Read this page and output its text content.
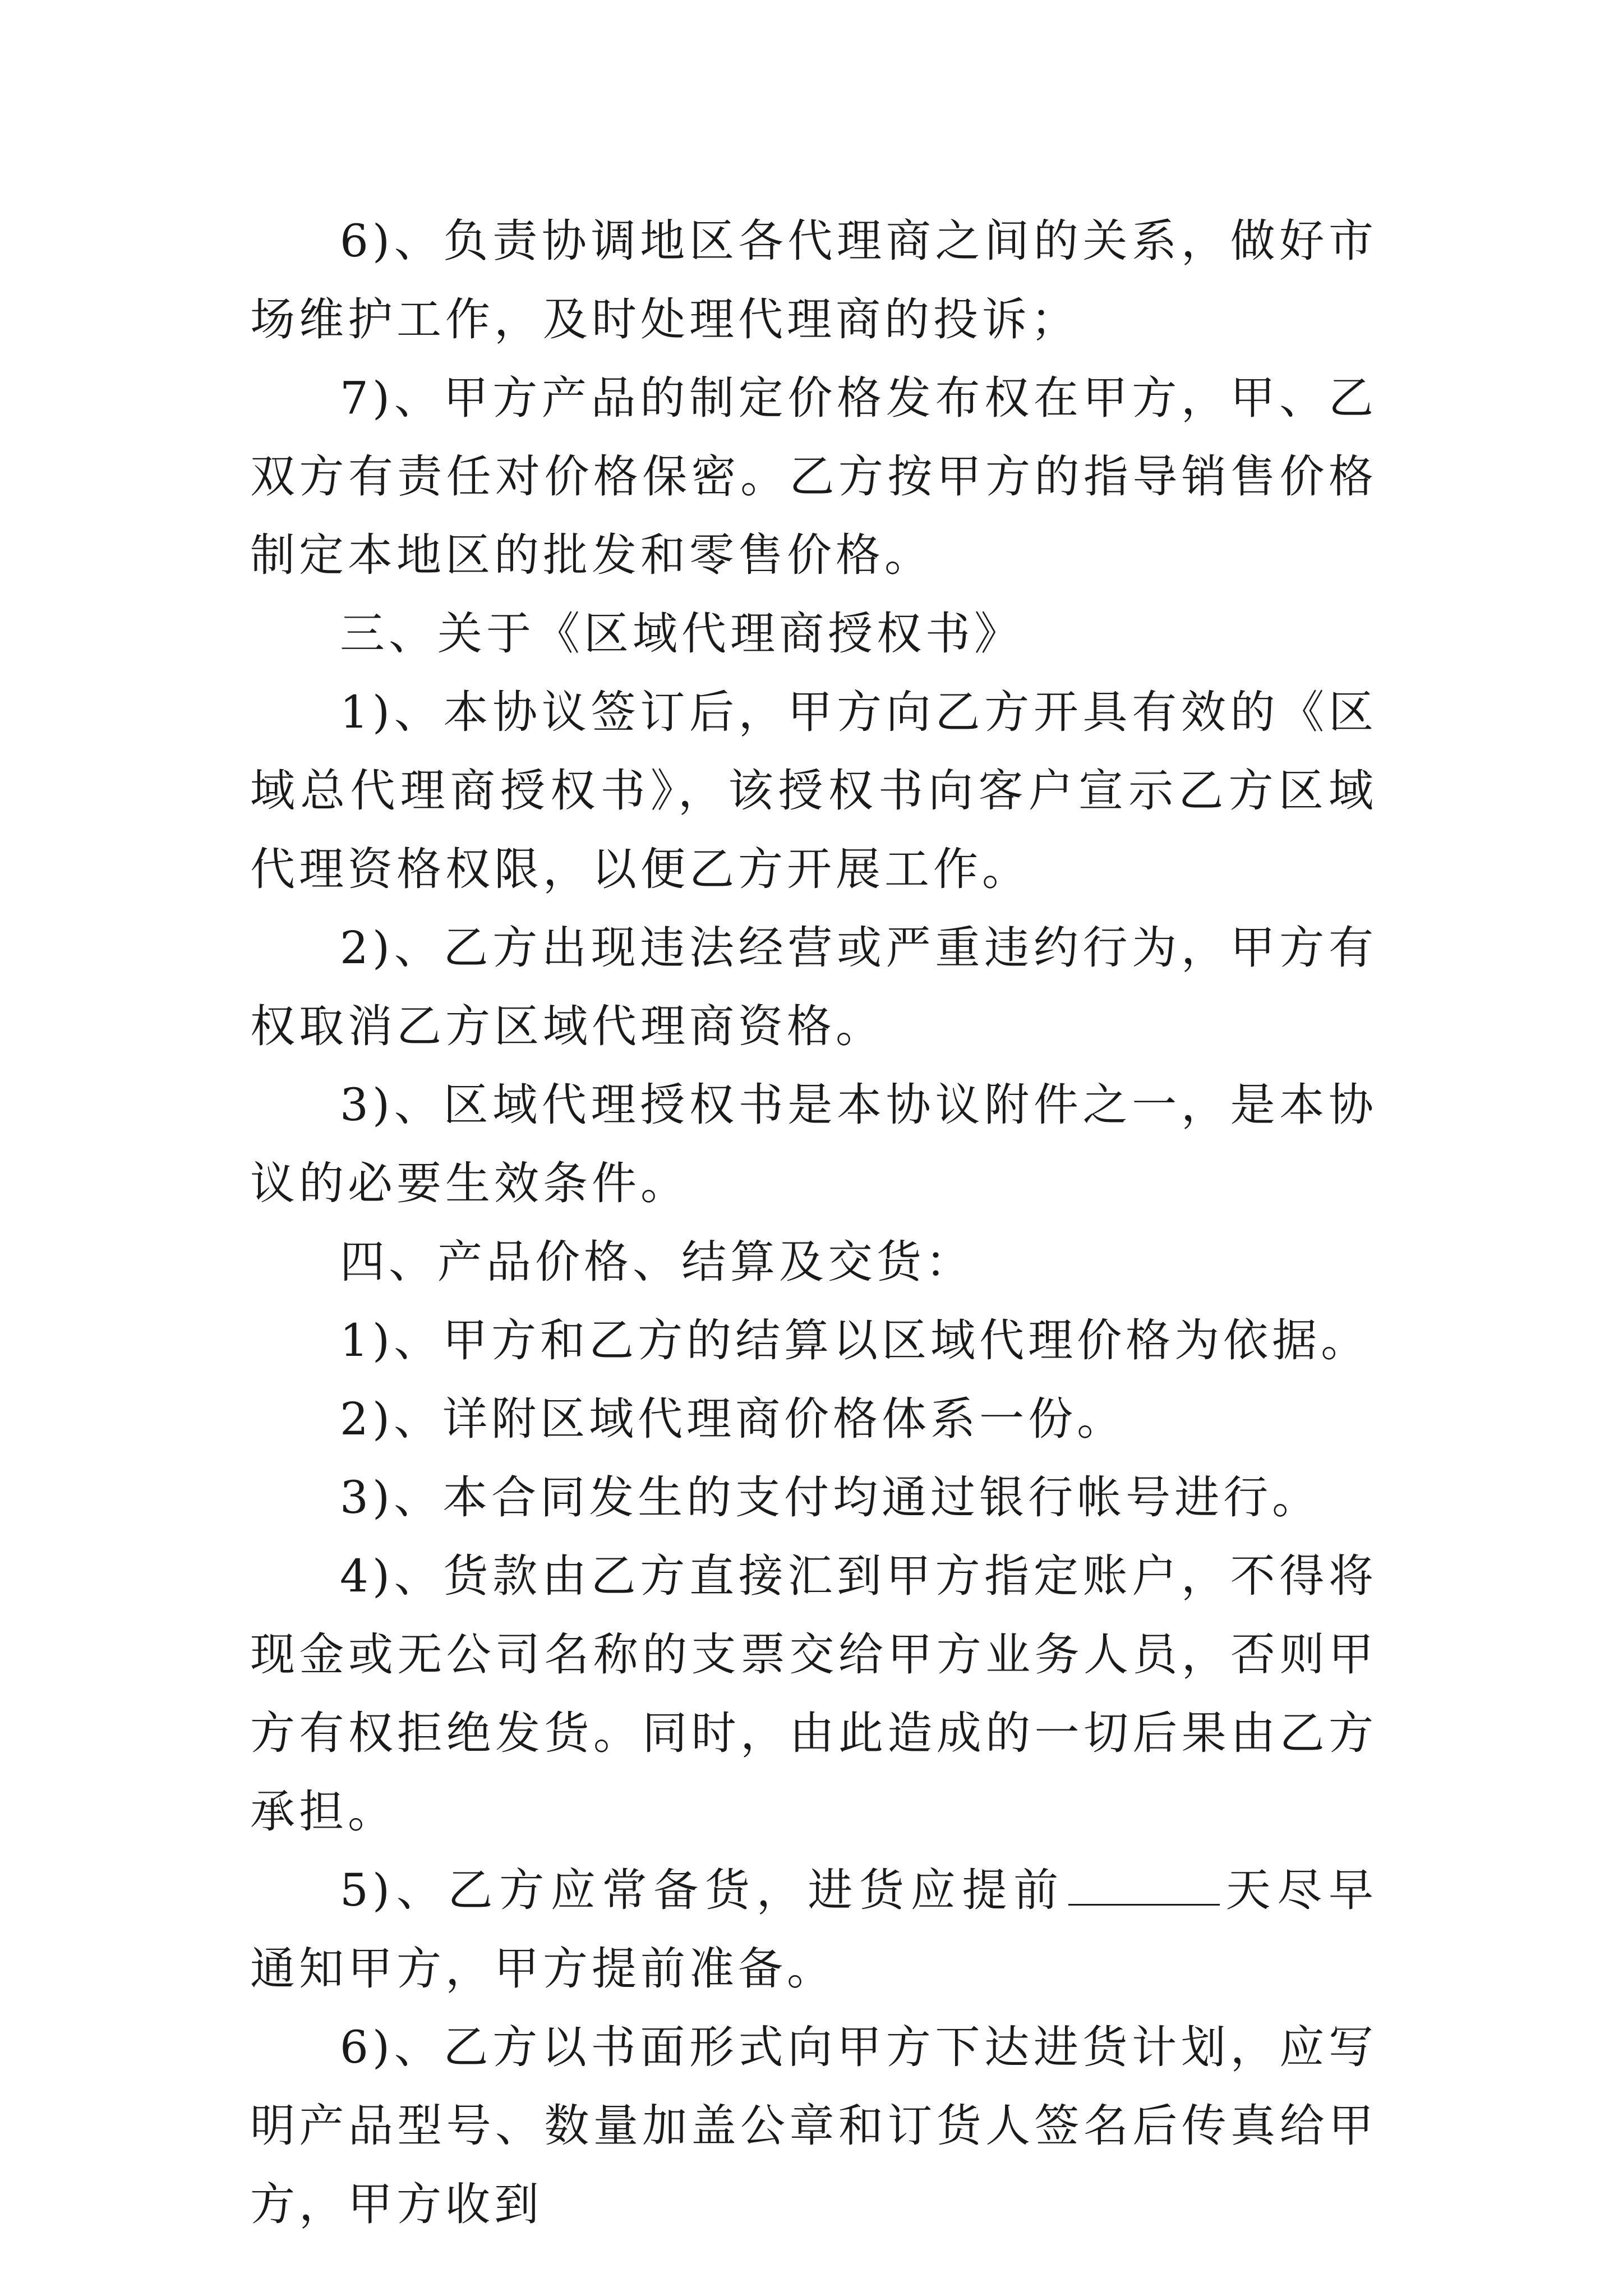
6)、负责协调地区各代理商之间的关系，做好市场维护工作，及时处理代理商的投诉；

7)、甲方产品的制定价格发布权在甲方，甲、乙双方有责任对价格保密。乙方按甲方的指导销售价格制定本地区的批发和零售价格。

三、关于《区域代理商授权书》

1)、本协议签订后，甲方向乙方开具有效的《区域总代理商授权书》，该授权书向客户宣示乙方区域代理资格权限，以便乙方开展工作。

2)、乙方出现违法经营或严重违约行为，甲方有权取消乙方区域代理商资格。

3)、区域代理授权书是本协议附件之一，是本协议的必要生效条件。

四、产品价格、结算及交货：

1)、甲方和乙方的结算以区域代理价格为依据。

2)、详附区域代理商价格体系一份。

3)、本合同发生的支付均通过银行帐号进行。

4)、货款由乙方直接汇到甲方指定账户，不得将现金或无公司名称的支票交给甲方业务人员，否则甲方有权拒绝发货。同时，由此造成的一切后果由乙方承担。

5)、乙方应常备货，进货应提前	天尽早通知甲方，甲方提前准备。

6)、乙方以书面形式向甲方下达进货计划，应写明产品型号、数量加盖公章和订货人签名后传真给甲方，甲方收到
